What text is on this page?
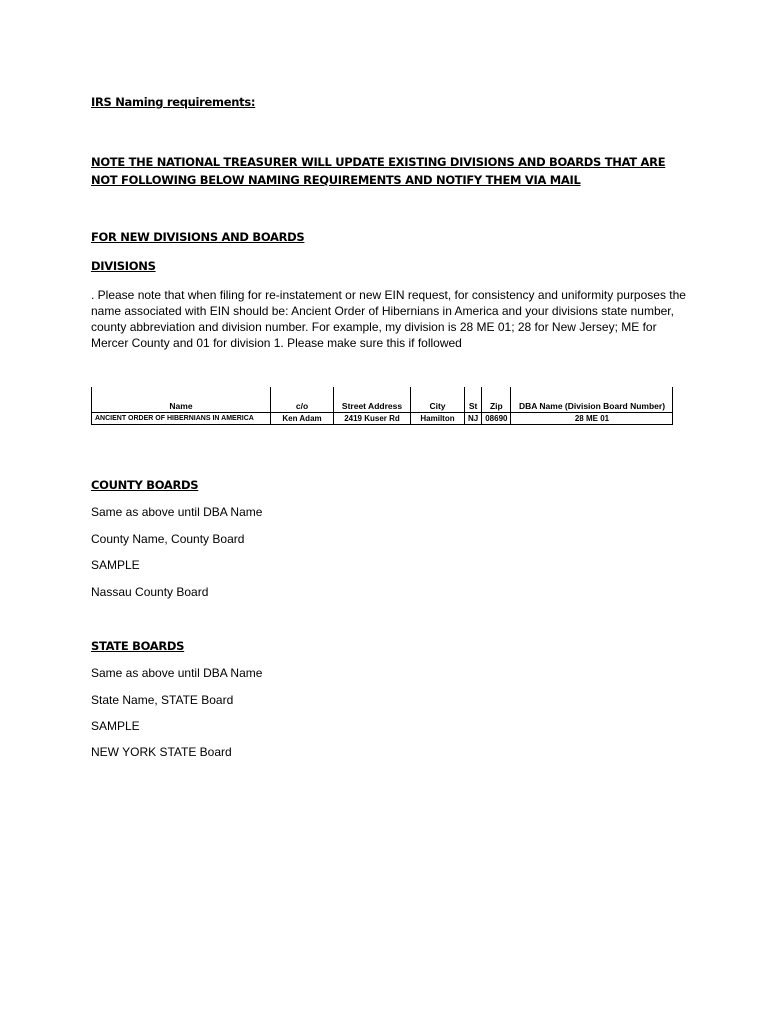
IRS Naming requirements:

NOTE THE NATIONAL TREASURER WILL UPDATE EXISTING DIVISIONS AND BOARDS THAT ARE NOT FOLLOWING BELOW NAMING REQUIREMENTS AND NOTIFY THEM VIA MAIL

FOR NEW DIVISIONS AND BOARDS

DIVISIONS

. Please note that when filing for re-instatement or new EIN request, for consistency and uniformity purposes the name associated with EIN should be: Ancient Order of Hibernians in America and your divisions state number, county abbreviation and division number. For example, my division is 28 ME 01; 28 for New Jersey; ME for Mercer County and 01 for division 1. Please make sure this if followed

Name	c/o	Street Address	City	St	Zip	DBA Name (Division Board Number)
ANCIENT ORDER OF HIBERNIANS IN AMERICA	Ken Adam	2419 Kuser Rd	Hamilton	NJ	08690	28 ME 01

COUNTY BOARDS

Same as above until DBA Name

County Name, County Board

SAMPLE

Nassau County Board

STATE BOARDS

Same as above until DBA Name

State Name, STATE Board

SAMPLE

NEW YORK STATE Board
